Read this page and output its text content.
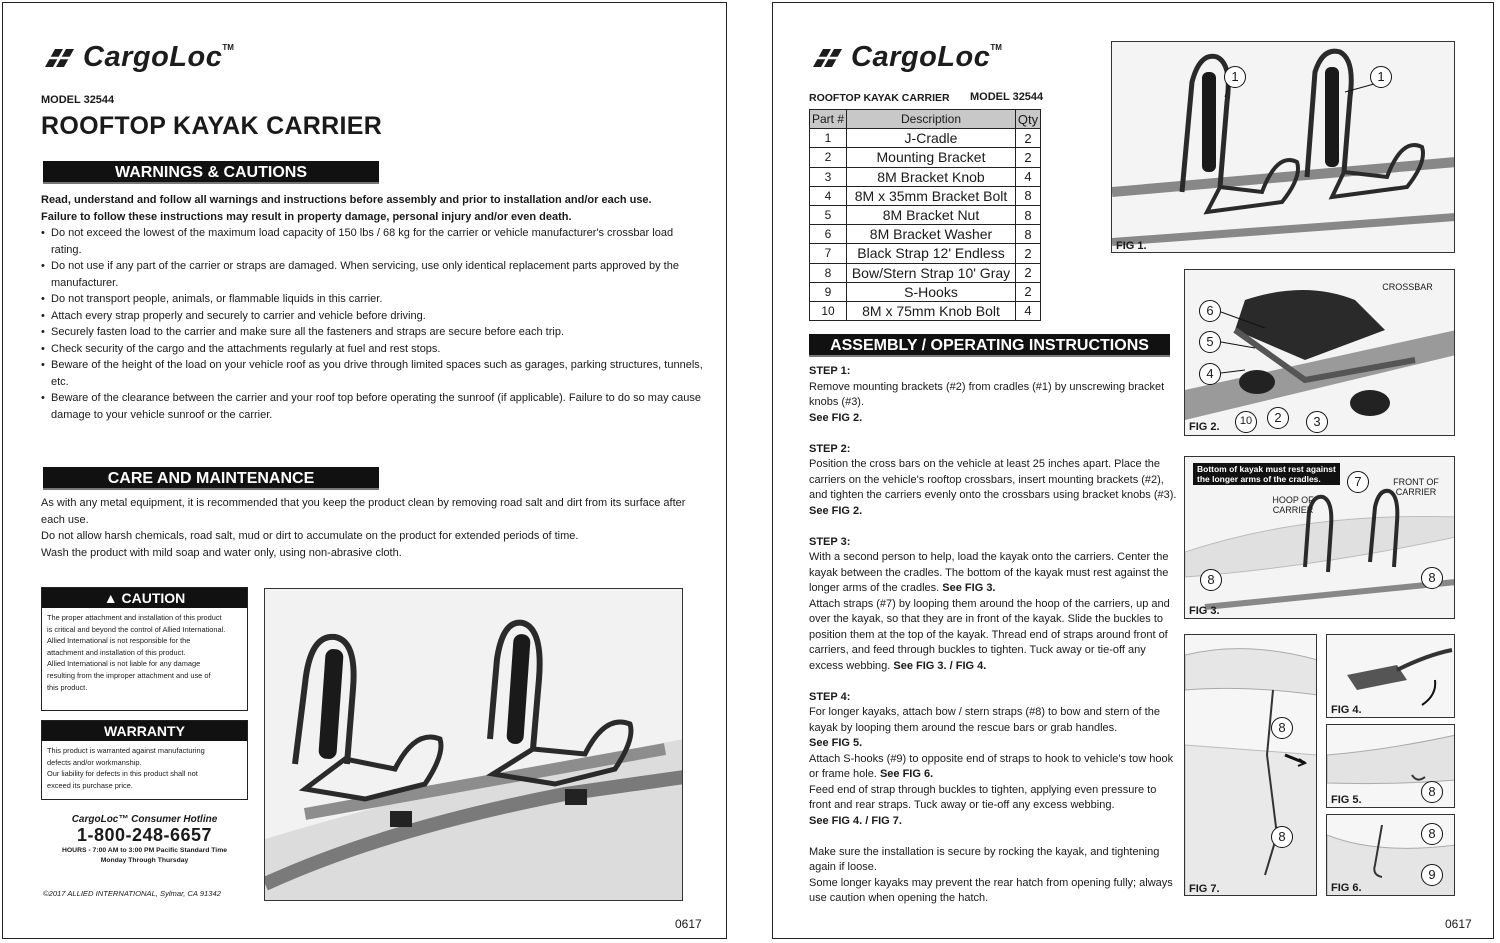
CargoLoc TM
MODEL 32544
ROOFTOP KAYAK CARRIER
WARNINGS & CAUTIONS
Read, understand and follow all warnings and instructions before assembly and prior to installation and/or each use.
Failure to follow these instructions may result in property damage, personal injury and/or even death.
• Do not exceed the lowest of the maximum load capacity of 150 lbs / 68 kg for the carrier or vehicle manufacturer's crossbar load rating.
• Do not use if any part of the carrier or straps are damaged. When servicing, use only identical replacement parts approved by the manufacturer.
• Do not transport people, animals, or flammable liquids in this carrier.
• Attach every strap properly and securely to carrier and vehicle before driving.
• Securely fasten load to the carrier and make sure all the fasteners and straps are secure before each trip.
• Check security of the cargo and the attachments regularly at fuel and rest stops.
• Beware of the height of the load on your vehicle roof as you drive through limited spaces such as garages, parking structures, tunnels, etc.
• Beware of the clearance between the carrier and your roof top before operating the sunroof (if applicable). Failure to do so may cause damage to your vehicle sunroof or the carrier.
CARE AND MAINTENANCE

As with any metal equipment, it is recommended that you keep the product clean by removing road salt and dirt from its surface after each use.

Do not allow harsh chemicals, road salt, mud or dirt to accumulate on the product for extended periods of time.

Wash the product with mild soap and water only, using non-abrasive cloth.

▲ CAUTION
The proper attachment and installation of this product
is critical and beyond the control of Allied International.
Allied International is not responsible for the
attachment and installation of this product.
Allied International is not liable for any damage
resulting from the improper attachment and use of
this product.
WARRANTY
This product is warranted against manufacturing
defects and/or workmanship.
Our liability for defects in this product shall not
exceed its purchase price.
CargoLoc™ Consumer Hotline
1-800-248-6657
HOURS - 7:00 AM to 3:00 PM Pacific Standard Time
Monday Through Thursday
©2017 ALLIED INTERNATIONAL, Sylmar, CA 91342
0617
CargoLoc TM
ROOFTOP KAYAK CARRIER MODEL 32544
Part #	Description	Qty
1	J-Cradle	2
2	Mounting Bracket	2
3	8M Bracket Knob	4
4	8M x 35mm Bracket Bolt	8
5	8M Bracket Nut	8
6	8M Bracket Washer	8
7	Black Strap 12' Endless	2
8	Bow/Stern Strap 10' Gray	2
9	S-Hooks	2
10	8M x 75mm Knob Bolt	4
ASSEMBLY / OPERATING INSTRUCTIONS

STEP 1:

Remove mounting brackets (#2) from cradles (#1) by unscrewing bracket knobs (#3).

See FIG 2.

STEP 2:

Position the cross bars on the vehicle at least 25 inches apart. Place the carriers on the vehicle's rooftop crossbars, insert mounting brackets (#2), and tighten the carriers evenly onto the crossbars using bracket knobs (#3). See FIG 2.

STEP 3:

With a second person to help, load the kayak onto the carriers. Center the kayak between the cradles. The bottom of the kayak must rest against the longer arms of the cradles. See FIG 3.

Attach straps (#7) by looping them around the hoop of the carriers, up and over the kayak, so that they are in front of the kayak. Slide the buckles to position them at the top of the kayak. Thread end of straps around front of carriers, and feed through buckles to tighten. Tuck away or tie-off any excess webbing. See FIG 3. / FIG 4.

STEP 4:

For longer kayaks, attach bow / stern straps (#8) to bow and stern of the kayak by looping them around the rescue bars or grab handles.

See FIG 5.

Attach S-hooks (#9) to opposite end of straps to hook to vehicle's tow hook or frame hole. See FIG 6.

Feed end of strap through buckles to tighten, applying even pressure to front and rear straps. Tuck away or tie-off any excess webbing.

See FIG 4. / FIG 7.

Make sure the installation is secure by rocking the kayak, and tightening again if loose.

Some longer kayaks may prevent the rear hatch from opening fully; always use caution when opening the hatch.

0617
1	1
FIG 1.
CROSSBAR
6
5
4
10	2	3
FIG 2.
Bottom of kayak must rest against
the longer arms of the cradles.
HOOP OF
CARRIER
FRONT OF
CARRIER
7
8	8
FIG 3.
8
8
FIG 7.
FIG 4.
8
FIG 5.
8
9
FIG 6.
